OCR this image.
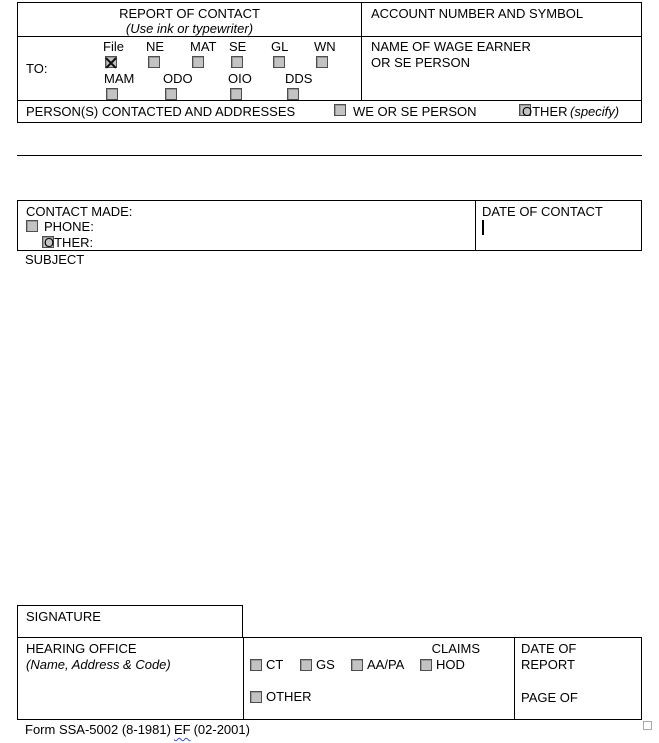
REPORT OF CONTACT
(Use ink or typewriter)
ACCOUNT NUMBER AND SYMBOL
TO:
File NE MAT SE GL WN
MAM ODO	OIO	DDS
NAME OF WAGE EARNER OR SE PERSON
PERSON(S) CONTACTED AND ADDRESSES
	WE OR SE PERSON	OTHER (specify)
CONTACT MADE:

PHONE:
OTHER:
DATE OF CONTACT
SUBJECT
SIGNATURE
HEARING OFFICE
(Name, Address & Code)
CLAIMS
CT	GS AA/PA HOD
OTHER
DATE OF REPORT
PAGE OF
Form SSA-5002 (8-1981) EF (02-2001)
